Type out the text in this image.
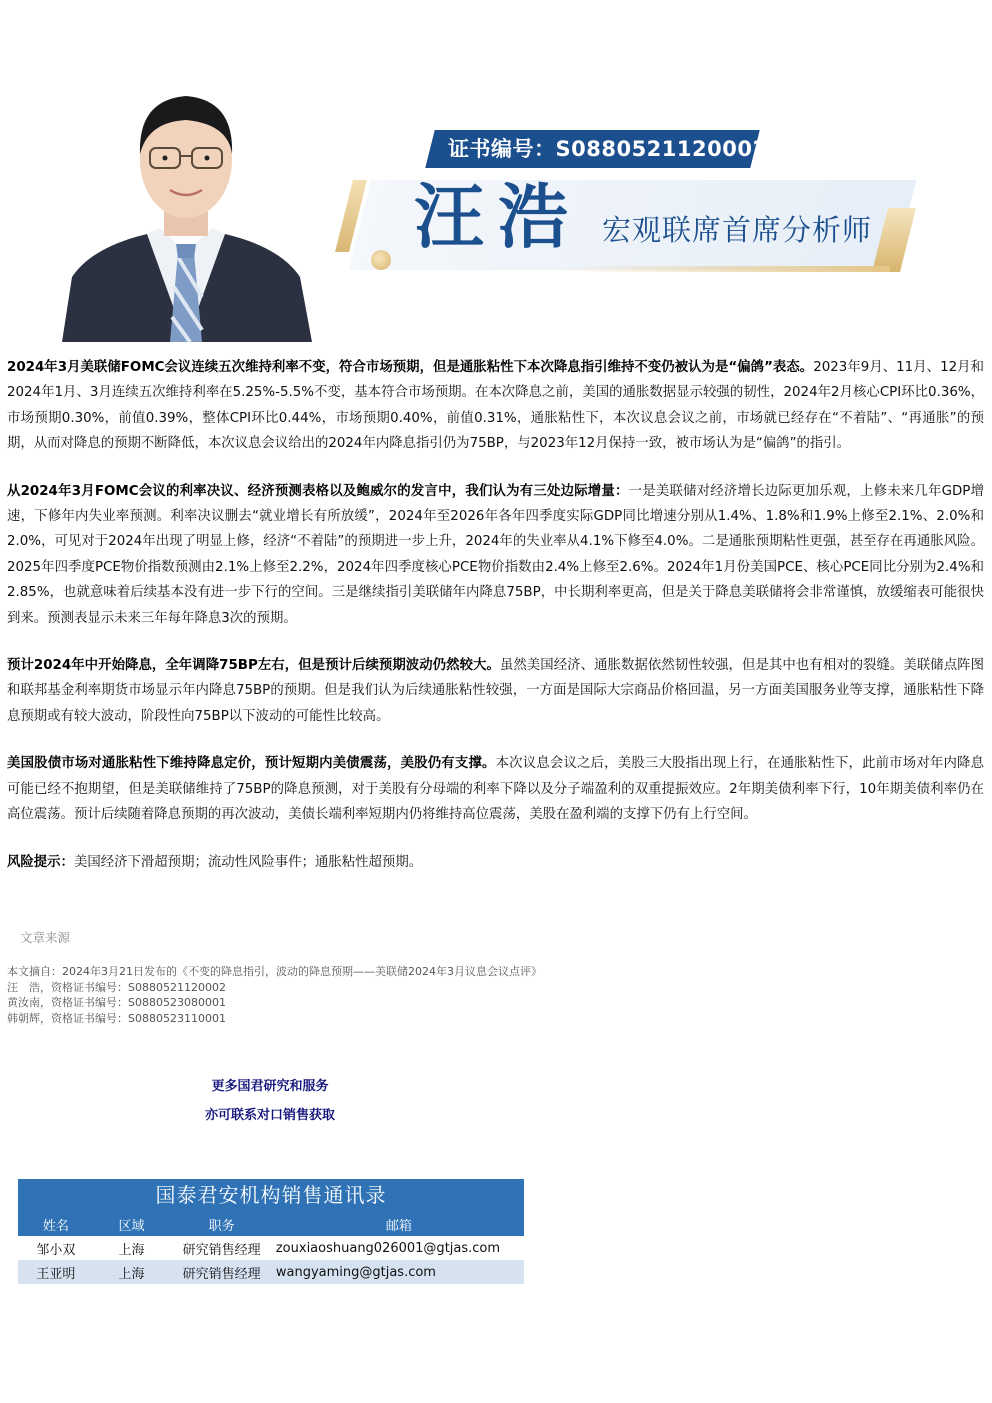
证书编号：S0880521120002
汪浩 宏观联席首席分析师

2024年3月美联储FOMC会议连续五次维持利率不变，符合市场预期，但是通胀粘性下本次降息指引维持不变仍被认为是“偏鸽”表态。2023年9月、11月、12月和2024年1月、3月连续五次维持利率在5.25%-5.5%不变，基本符合市场预期。在本次降息之前，美国的通胀数据显示较强的韧性，2024年2月核心CPI环比0.36%，市场预期0.30%，前值0.39%，整体CPI环比0.44%，市场预期0.40%，前值0.31%，通胀粘性下，本次议息会议之前，市场就已经存在“不着陆”、“再通胀”的预期，从而对降息的预期不断降低，本次议息会议给出的2024年内降息指引仍为75BP，与2023年12月保持一致，被市场认为是“偏鸽”的指引。

从2024年3月FOMC会议的利率决议、经济预测表格以及鲍威尔的发言中，我们认为有三处边际增量：一是美联储对经济增长边际更加乐观，上修未来几年GDP增速，下修年内失业率预测。利率决议删去“就业增长有所放缓”，2024年至2026年各年四季度实际GDP同比增速分别从1.4%、1.8%和1.9%上修至2.1%、2.0%和2.0%，可见对于2024年出现了明显上修，经济“不着陆”的预期进一步上升，2024年的失业率从4.1%下修至4.0%。二是通胀预期粘性更强，甚至存在再通胀风险。2025年四季度PCE物价指数预测由2.1%上修至2.2%，2024年四季度核心PCE物价指数由2.4%上修至2.6%。2024年1月份美国PCE、核心PCE同比分别为2.4%和2.85%，也就意味着后续基本没有进一步下行的空间。三是继续指引美联储年内降息75BP，中长期利率更高，但是关于降息美联储将会非常谨慎，放缓缩表可能很快到来。预测表显示未来三年每年降息3次的预期。

预计2024年中开始降息，全年调降75BP左右，但是预计后续预期波动仍然较大。虽然美国经济、通胀数据依然韧性较强，但是其中也有相对的裂缝。美联储点阵图和联邦基金利率期货市场显示年内降息75BP的预期。但是我们认为后续通胀粘性较强，一方面是国际大宗商品价格回温，另一方面美国服务业等支撑，通胀粘性下降息预期或有较大波动，阶段性向75BP以下波动的可能性比较高。

美国股债市场对通胀粘性下维持降息定价，预计短期内美债震荡，美股仍有支撑。本次议息会议之后，美股三大股指出现上行，在通胀粘性下，此前市场对年内降息可能已经不抱期望，但是美联储维持了75BP的降息预测，对于美股有分母端的利率下降以及分子端盈利的双重提振效应。2年期美债利率下行，10年期美债利率仍在高位震荡。预计后续随着降息预期的再次波动，美债长端利率短期内仍将维持高位震荡，美股在盈利端的支撑下仍有上行空间。

风险提示：美国经济下滑超预期；流动性风险事件；通胀粘性超预期。

文章来源
本文摘自：2024年3月21日发布的《不变的降息指引，波动的降息预期——美联储2024年3月议息会议点评》
汪　浩，资格证书编号：S0880521120002
黄汝南，资格证书编号：S0880523080001
韩朝辉，资格证书编号：S0880523110001
更多国君研究和服务
亦可联系对口销售获取
国泰君安机构销售通讯录
姓名	区域	职务	邮箱
邹小双	上海	研究销售经理	zouxiaoshuang026001@gtjas.com
王亚明	上海	研究销售经理	wangyaming@gtjas.com
